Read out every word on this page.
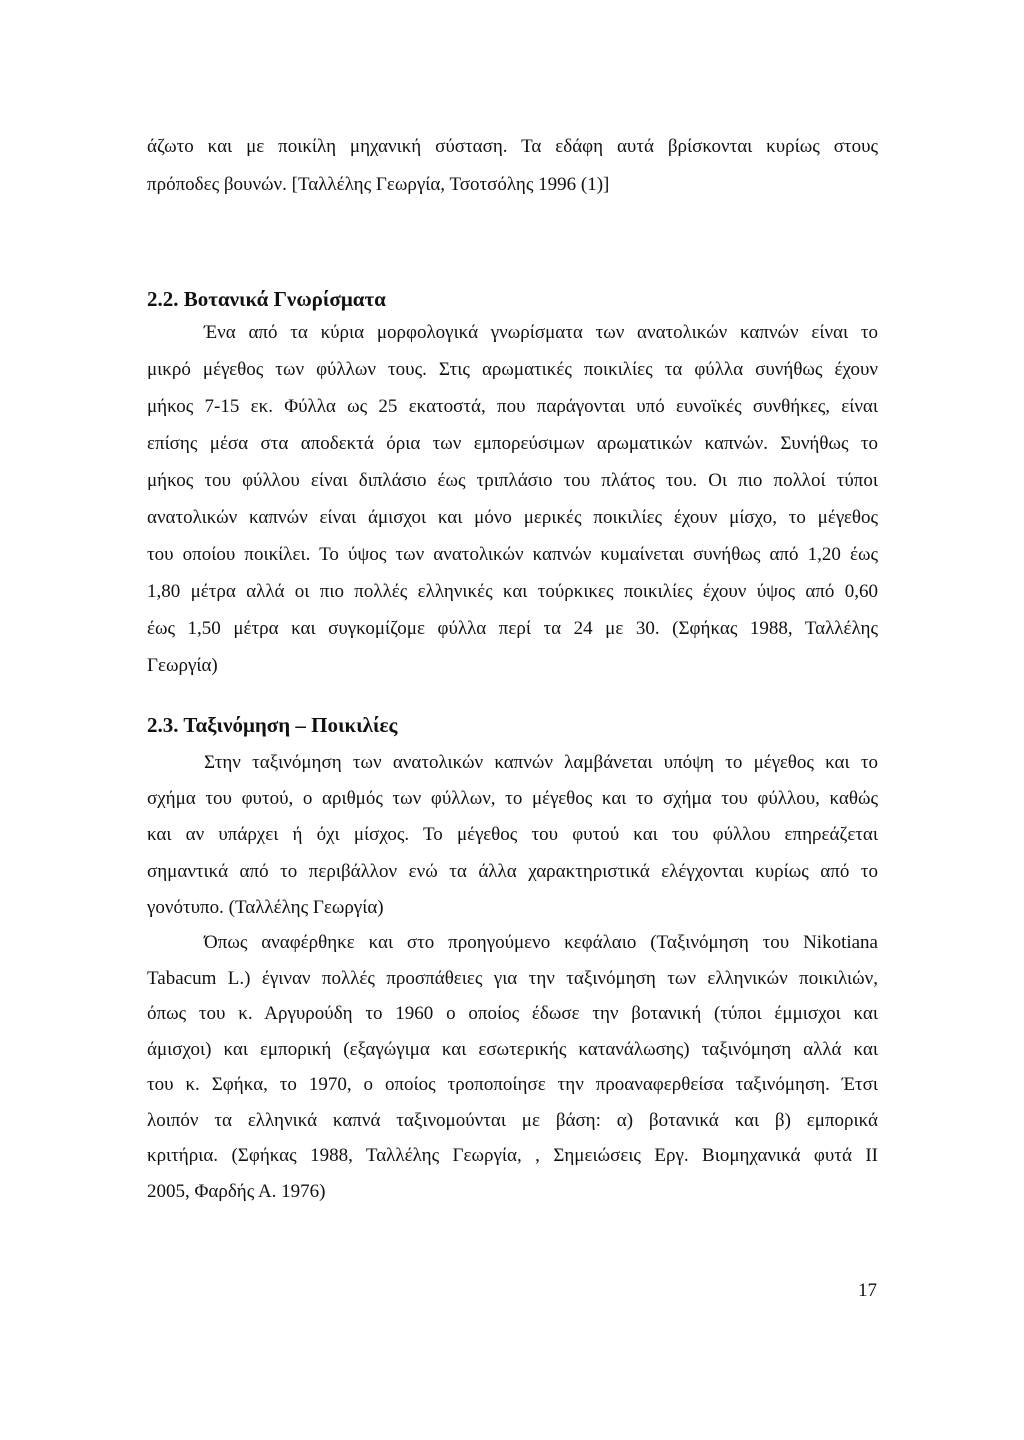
άζωτο και με ποικίλη μηχανική σύσταση. Τα εδάφη αυτά βρίσκονται κυρίως στους
πρόποδες βουνών. [Ταλλέλης Γεωργία, Τσοτσόλης 1996 (1)]
2.2. Βοτανικά Γνωρίσματα
Ένα από τα κύρια μορφολογικά γνωρίσματα των ανατολικών καπνών είναι το
μικρό μέγεθος των φύλλων τους. Στις αρωματικές ποικιλίες τα φύλλα συνήθως έχουν
μήκος 7-15 εκ. Φύλλα ως 25 εκατοστά, που παράγονται υπό ευνοϊκές συνθήκες, είναι
επίσης μέσα στα αποδεκτά όρια των εμπορεύσιμων αρωματικών καπνών. Συνήθως το
μήκος του φύλλου είναι διπλάσιο έως τριπλάσιο του πλάτος του. Οι πιο πολλοί τύποι
ανατολικών καπνών είναι άμισχοι και μόνο μερικές ποικιλίες έχουν μίσχο, το μέγεθος
του οποίου ποικίλει. Το ύψος των ανατολικών καπνών κυμαίνεται συνήθως από 1,20 έως
1,80 μέτρα αλλά οι πιο πολλές ελληνικές και τούρκικες ποικιλίες έχουν ύψος από 0,60
έως 1,50 μέτρα και συγκομίζομε φύλλα περί τα 24 με 30. (Σφήκας 1988, Ταλλέλης
Γεωργία)
2.3. Ταξινόμηση – Ποικιλίες
Στην ταξινόμηση των ανατολικών καπνών λαμβάνεται υπόψη το μέγεθος και το
σχήμα του φυτού, ο αριθμός των φύλλων, το μέγεθος και το σχήμα του φύλλου, καθώς
και αν υπάρχει ή όχι μίσχος. Το μέγεθος του φυτού και του φύλλου επηρεάζεται
σημαντικά από το περιβάλλον ενώ τα άλλα χαρακτηριστικά ελέγχονται κυρίως από το
γονότυπο. (Ταλλέλης Γεωργία)
Όπως αναφέρθηκε και στο προηγούμενο κεφάλαιο (Ταξινόμηση του Nikotiana
Tabacum L.) έγιναν πολλές προσπάθειες για την ταξινόμηση των ελληνικών ποικιλιών,
όπως του κ. Αργυρούδη το 1960 ο οποίος έδωσε την βοτανική (τύποι έμμισχοι και
άμισχοι) και εμπορική (εξαγώγιμα και εσωτερικής κατανάλωσης) ταξινόμηση αλλά και
του κ. Σφήκα, το 1970, ο οποίος τροποποίησε την προαναφερθείσα ταξινόμηση. Έτσι
λοιπόν τα ελληνικά καπνά ταξινομούνται με βάση: α) βοτανικά και β) εμπορικά
κριτήρια. (Σφήκας 1988, Ταλλέλης Γεωργία, , Σημειώσεις Εργ. Βιομηχανικά φυτά ΙΙ
2005, Φαρδής Α. 1976)
17
